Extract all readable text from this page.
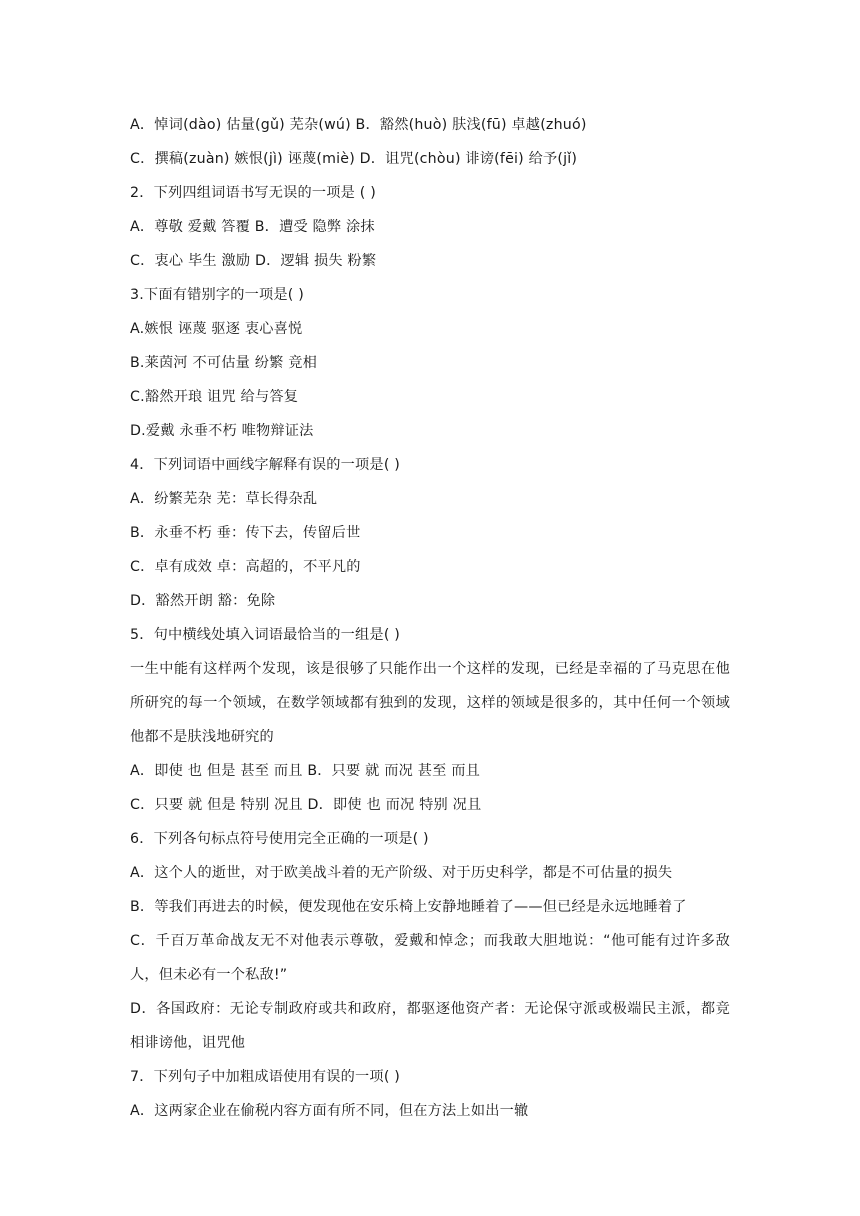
A．悼词(dào) 估量(gǔ) 芜杂(wú) B．豁然(huò) 肤浅(fū) 卓越(zhuó)
C．撰稿(zuàn) 嫉恨(jì) 诬蔑(miè) D．诅咒(chòu) 诽谤(fēi) 给予(jǐ)
2．下列四组词语书写无误的一项是 ( )
A．尊敬 爱戴 答覆 B．遭受 隐弊 涂抹
C．衷心 毕生 激励 D．逻辑 损失 粉繁
3.下面有错别字的一项是( )
A.嫉恨 诬蔑 驱逐 衷心喜悦
B.莱茵河 不可估量 纷繁 竞相
C.豁然开琅 诅咒 给与答复
D.爱戴 永垂不朽 唯物辩证法
4．下列词语中画线字解释有误的一项是( )
A．纷繁芜杂 芜：草长得杂乱
B．永垂不朽 垂：传下去，传留后世
C．卓有成效 卓：高超的，不平凡的
D．豁然开朗 豁：免除
5．句中横线处填入词语最恰当的一组是( )
一生中能有这样两个发现，该是很够了只能作出一个这样的发现，已经是幸福的了马克思在他所研究的每一个领域，在数学领域都有独到的发现，这样的领域是很多的，其中任何一个领域他都不是肤浅地研究的
A．即使 也 但是 甚至 而且 B．只要 就 而况 甚至 而且
C．只要 就 但是 特别 况且 D．即使 也 而况 特别 况且
6．下列各句标点符号使用完全正确的一项是( )
A．这个人的逝世，对于欧美战斗着的无产阶级、对于历史科学，都是不可估量的损失
B．等我们再进去的时候，便发现他在安乐椅上安静地睡着了——但已经是永远地睡着了
C．千百万革命战友无不对他表示尊敬，爱戴和悼念；而我敢大胆地说：“他可能有过许多敌人，但未必有一个私敌!”
D．各国政府：无论专制政府或共和政府，都驱逐他资产者：无论保守派或极端民主派，都竞相诽谤他，诅咒他
7．下列句子中加粗成语使用有误的一项( )
A．这两家企业在偷税内容方面有所不同，但在方法上如出一辙
